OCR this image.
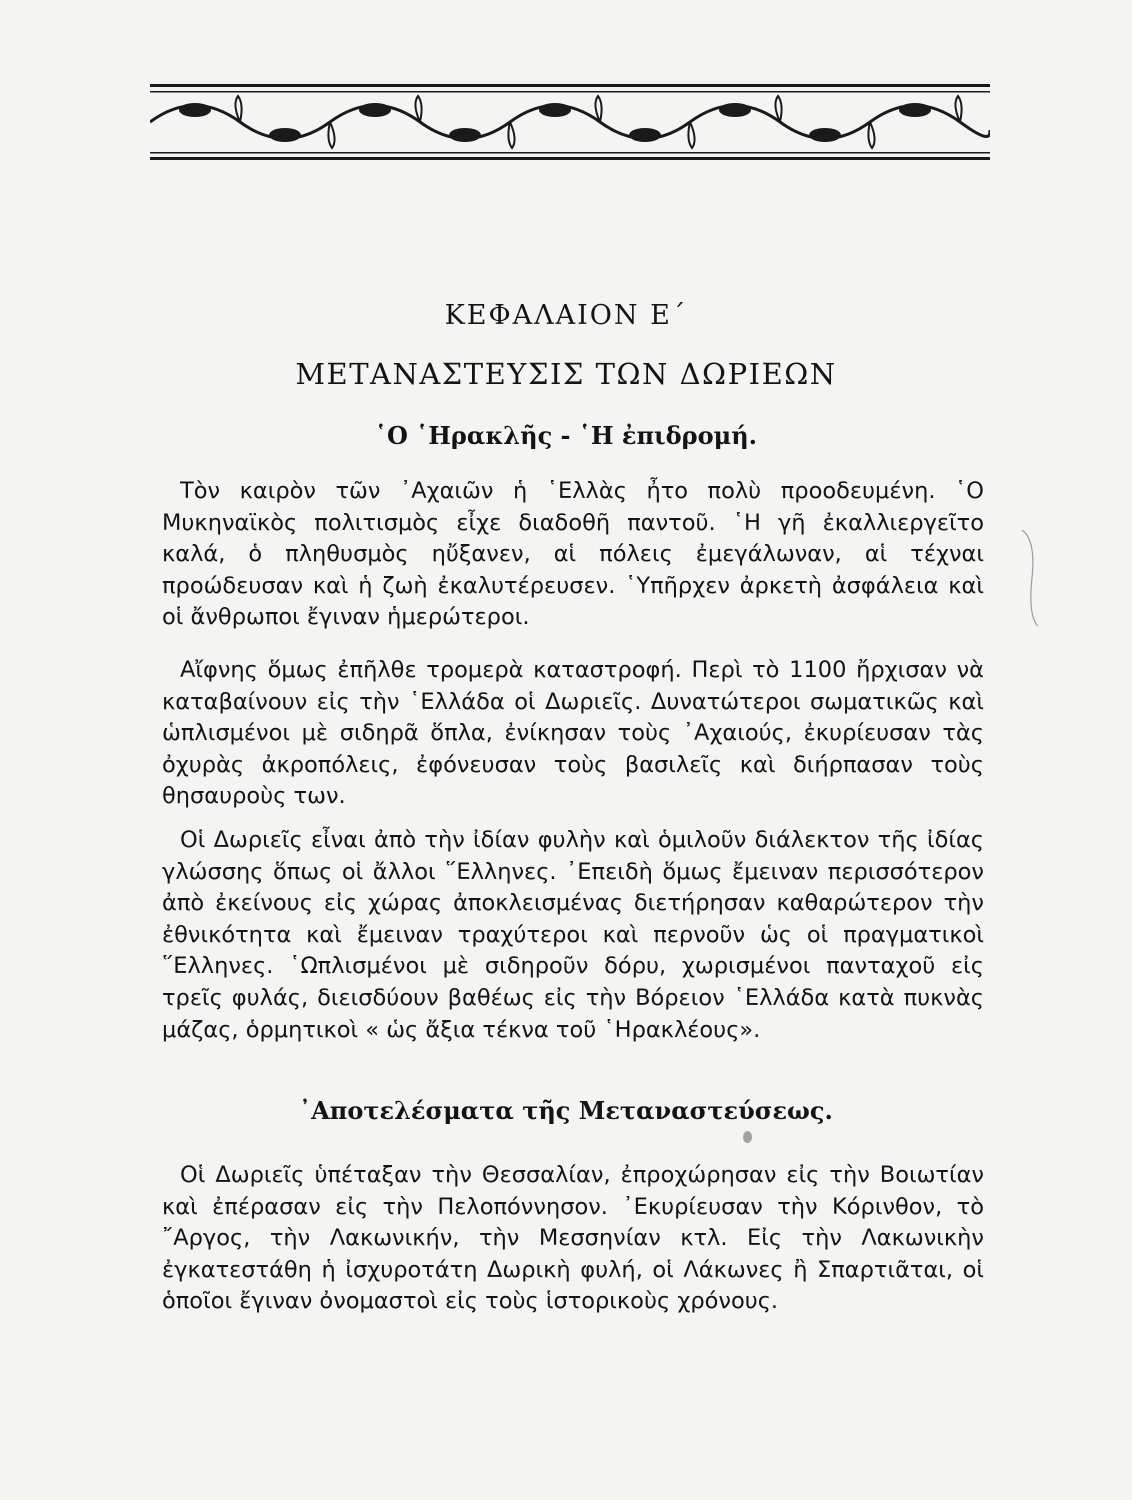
ΚΕΦΑΛΑΙΟΝ Ε΄
ΜΕΤΑΝΑΣΤΕΥΣΙΣ ΤΩΝ ΔΩΡΙΕΩΝ
῾Ο ῾Ηρακλῆς - ῾Η ἐπιδρομή.

Τὸν καιρὸν τῶν ᾿Αχαιῶν ἡ ῾Ελλὰς ἦτο πολὺ προοδευμένη. ῾Ο Μυκηναϊκὸς πολιτισμὸς εἶχε διαδοθῆ παντοῦ. ῾Η γῆ ἐκαλλιεργεῖτο καλά, ὁ πληθυσμὸς ηὔξανεν, αἱ πόλεις ἐμεγάλωναν, αἱ τέχναι προώδευσαν καὶ ἡ ζωὴ ἐκαλυτέρευσεν. ῾Υπῆρχεν ἀρκετὴ ἀσφάλεια καὶ οἱ ἄνθρωποι ἔγιναν ἡμερώτεροι.

Αἴφνης ὅμως ἐπῆλθε τρομερὰ καταστροφή. Περὶ τὸ 1100 ἤρχισαν νὰ καταβαίνουν εἰς τὴν ῾Ελλάδα οἱ Δωριεῖς. Δυνατώτεροι σωματικῶς καὶ ὡπλισμένοι μὲ σιδηρᾶ ὅπλα, ἐνίκησαν τοὺς ᾿Αχαιούς, ἐκυρίευσαν τὰς ὀχυρὰς ἀκροπόλεις, ἐφόνευσαν τοὺς βασιλεῖς καὶ διήρπασαν τοὺς θησαυροὺς των.

Οἱ Δωριεῖς εἶναι ἀπὸ τὴν ἰδίαν φυλὴν καὶ ὁμιλοῦν διάλεκτον τῆς ἰδίας γλώσσης ὅπως οἱ ἄλλοι ῞Ελληνες. ᾿Επειδὴ ὅμως ἔμειναν περισσότερον ἀπὸ ἐκείνους εἰς χώρας ἀποκλεισμένας διετήρησαν καθαρώτερον τὴν ἐθνικότητα καὶ ἔμειναν τραχύτεροι καὶ περνοῦν ὡς οἱ πραγματικοὶ ῞Ελληνες. ῾Ωπλισμένοι μὲ σιδηροῦν δόρυ, χωρισμένοι πανταχοῦ εἰς τρεῖς φυλάς, διεισδύουν βαθέως εἰς τὴν Βόρειον ῾Ελλάδα κατὰ πυκνὰς μάζας, ὁρμητικοὶ « ὡς ἄξια τέκνα τοῦ ῾Ηρακλέους».

᾿Αποτελέσματα τῆς Μεταναστεύσεως.

Οἱ Δωριεῖς ὑπέταξαν τὴν Θεσσαλίαν, ἐπροχώρησαν εἰς τὴν Βοιωτίαν καὶ ἐπέρασαν εἰς τὴν Πελοπόννησον. ᾿Εκυρίευσαν τὴν Κόρινθον, τὸ ῎Αργος, τὴν Λακωνικήν, τὴν Μεσσηνίαν κτλ. Εἰς τὴν Λακωνικὴν ἐγκατεστάθη ἡ ἰσχυροτάτη Δωρικὴ φυλή, οἱ Λάκωνες ἢ Σπαρτιᾶται, οἱ ὁποῖοι ἔγιναν ὀνομαστοὶ εἰς τοὺς ἱστορικοὺς χρόνους.
